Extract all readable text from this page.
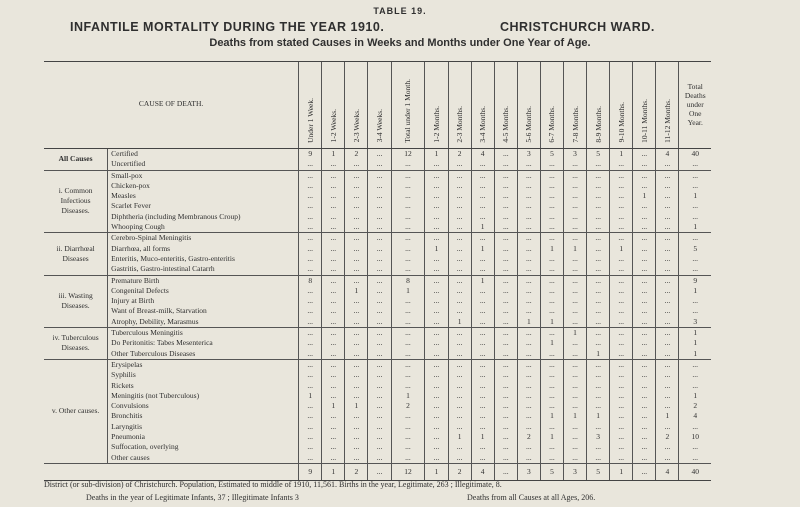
TABLE 19.
INFANTILE MORTALITY DURING THE YEAR 1910.	CHRISTCHURCH WARD.
Deaths from stated Causes in Weeks and Months under One Year of Age.
CAUSE OF DEATH.		Under 1 Week.	1-2 Weeks.	2-3 Weeks.	3-4 Weeks.	Total under 1 Month.	1-2 Months.	2-3 Months.	3-4 Months.	4-5 Months.	5-6 Months.	6-7 Months.	7-8 Months.	8-9 Months.	9-10 Months.	10-11 Months.	11-12 Months.	Total Deaths under One Year.
All Causes	Certified	9	1	2	...	12	1	2	4	...	3	5	3	5	1	...	4	40
	Uncertified	...	...	...	...	...	...	...	...	...	...	...	...	...	...	...	...	...
i. Common Infectious Diseases.	Small-pox	...	...	...	...	...	...	...	...	...	...	...	...	...	...	...	...	...
	Chicken-pox	...	...	...	...	...	...	...	...	...	...	...	...	...	...	...	...	...
	Measles	...	...	...	...	...	...	...	...	...	...	...	...	...	...	1	...	1
	Scarlet Fever	...	...	...	...	...	...	...	...	...	...	...	...	...	...	...	...	...
	Diphtheria (including Membranous Croup)	...	...	...	...	...	...	...	...	...	...	...	...	...	...	...	...	...
	Whooping Cough	...	...	...	...	...	...	...	1	...	...	...	...	...	...	...	...	1
ii. Diarrhœal Diseases	Cerebro-Spinal Meningitis	...	...	...	...	...	...	...	...	...	...	...	...	...	...	...	...	...
	Diarrhœa, all forms	...	...	...	...	...	1	...	1	...	...	1	1	...	1	...	...	5
	Enteritis, Muco-enteritis, Gastro-enteritis	...	...	...	...	...	...	...	...	...	...	...	...	...	...	...	...	...
	Gastritis, Gastro-intestinal Catarrh	...	...	...	...	...	...	...	...	...	...	...	...	...	...	...	...	...
iii. Wasting Diseases.	Premature Birth	8	...	...	...	8	...	...	1	...	...	...	...	...	...	...	...	9
	Congenital Defects	...	...	1	...	1	...	...	...	...	...	...	...	...	...	...	...	1
	Injury at Birth	...	...	...	...	...	...	...	...	...	...	...	...	...	...	...	...	...
	Want of Breast-milk, Starvation	...	...	...	...	...	...	...	...	...	...	...	...	...	...	...	...	...
	Atrophy, Debility, Marasmus	...	...	...	...	...	...	1	...	...	1	1	...	...	...	...	...	3
iv. Tuberculous Diseases.	Tuberculous Meningitis	...	...	...	...	...	...	...	...	...	...	...	1	...	...	...	...	1
	Do Peritonitis: Tabes Mesenterica	...	...	...	...	...	...	...	...	...	...	1	...	...	...	...	...	1
	Other Tuberculous Diseases	...	...	...	...	...	...	...	...	...	...	...	...	1	...	...	...	1
v. Other causes.	Erysipelas	...	...	...	...	...	...	...	...	...	...	...	...	...	...	...	...	...
	Syphilis	...	...	...	...	...	...	...	...	...	...	...	...	...	...	...	...	...
	Rickets	...	...	...	...	...	...	...	...	...	...	...	...	...	...	...	...	...
	Meningitis (not Tuberculous)	1	...	...	...	1	...	...	...	...	...	...	...	...	...	...	...	1
	Convulsions	...	1	1	...	2	...	...	...	...	...	...	...	...	...	...	...	2
	Bronchitis	...	...	...	...	...	...	...	...	...	...	1	1	1	...	...	1	4
	Laryngitis	...	...	...	...	...	...	...	...	...	...	...	...	...	...	...	...	...
	Pneumonia	...	...	...	...	...	...	1	1	...	2	1	...	3	...	...	2	10
	Suffocation, overlying	...	...	...	...	...	...	...	...	...	...	...	...	...	...	...	...	...
	Other causes	...	...	...	...	...	...	...	...	...	...	...	...	...	...	...	...	...
		9	1	2	...	12	1	2	4	...	3	5	3	5	1	...	4	40
District (or sub-division) of Christchurch. Population, Estimated to middle of 1910, 11,561. Births in the year, Legitimate, 263 ; Illegitimate, 8.
Deaths in the year of Legitimate Infants, 37 ; Illegitimate Infants 3	Deaths from all Causes at all Ages, 206.
